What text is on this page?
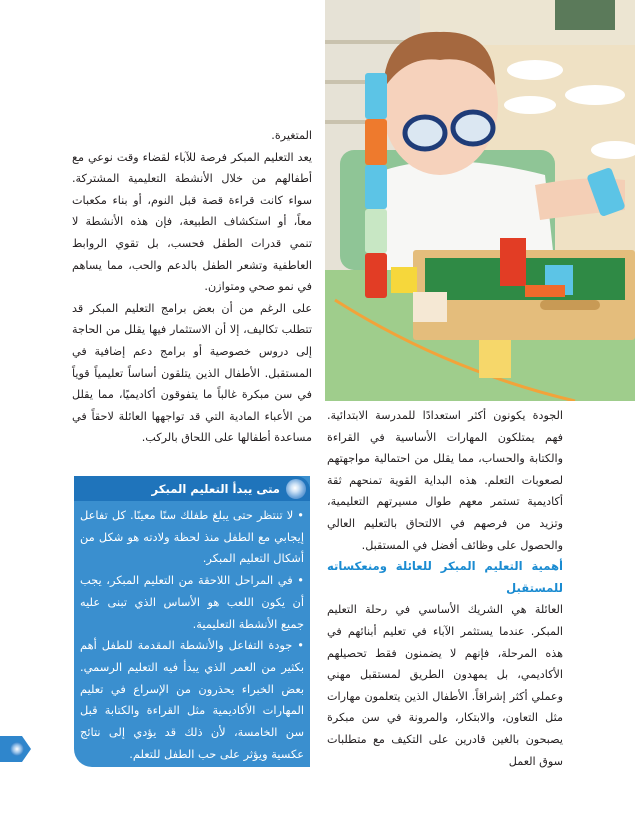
المتغيرة.

يعد التعليم المبكر فرصة للآباء لقضاء وقت نوعي مع أطفالهم من خلال الأنشطة التعليمية المشتركة. سواء كانت قراءة قصة قبل النوم، أو بناء مكعبات معاً، أو استكشاف الطبيعة، فإن هذه الأنشطة لا تنمي قدرات الطفل فحسب، بل تقوي الروابط العاطفية وتشعر الطفل بالدعم والحب، مما يساهم في نمو صحي ومتوازن.

على الرغم من أن بعض برامج التعليم المبكر قد تتطلب تكاليف، إلا أن الاستثمار فيها يقلل من الحاجة إلى دروس خصوصية أو برامج دعم إضافية في المستقبل. الأطفال الذين يتلقون أساساً تعليمياً قوياً في سن مبكرة غالباً ما يتفوقون أكاديميًا، مما يقلل من الأعباء المادية التي قد تواجهها العائلة لاحقاً في مساعدة أطفالها على اللحاق بالركب.

متى يبدأ التعليم المبكر

• لا تنتظر حتى يبلغ طفلك سنًا معينًا. كل تفاعل إيجابي مع الطفل منذ لحظة ولادته هو شكل من أشكال التعليم المبكر.

• في المراحل اللاحقة من التعليم المبكر، يجب أن يكون اللعب هو الأساس الذي تبنى عليه جميع الأنشطة التعليمية.

• جودة التفاعل والأنشطة المقدمة للطفل أهم بكثير من العمر الذي يبدأ فيه التعليم الرسمي. بعض الخبراء يحذرون من الإسراع في تعليم المهارات الأكاديمية مثل القراءة والكتابة قبل سن الخامسة، لأن ذلك قد يؤدي إلى نتائج عكسية ويؤثر على حب الطفل للتعلم.

الجودة يكونون أكثر استعدادًا للمدرسة الابتدائية. فهم يمتلكون المهارات الأساسية في القراءة والكتابة والحساب، مما يقلل من احتمالية مواجهتهم لصعوبات التعلم. هذه البداية القوية تمنحهم ثقة أكاديمية تستمر معهم طوال مسيرتهم التعليمية، وتزيد من فرصهم في الالتحاق بالتعليم العالي والحصول على وظائف أفضل في المستقبل.

أهمية التعليم المبكر للعائلة ومنعكساته للمستقبل

العائلة هي الشريك الأساسي في رحلة التعليم المبكر. عندما يستثمر الآباء في تعليم أبنائهم في هذه المرحلة، فإنهم لا يضمنون فقط تحصيلهم الأكاديمي، بل يمهدون الطريق لمستقبل مهني وعملي أكثر إشراقاً. الأطفال الذين يتعلمون مهارات مثل التعاون، والابتكار، والمرونة في سن مبكرة يصبحون بالغين قادرين على التكيف مع متطلبات سوق العمل
